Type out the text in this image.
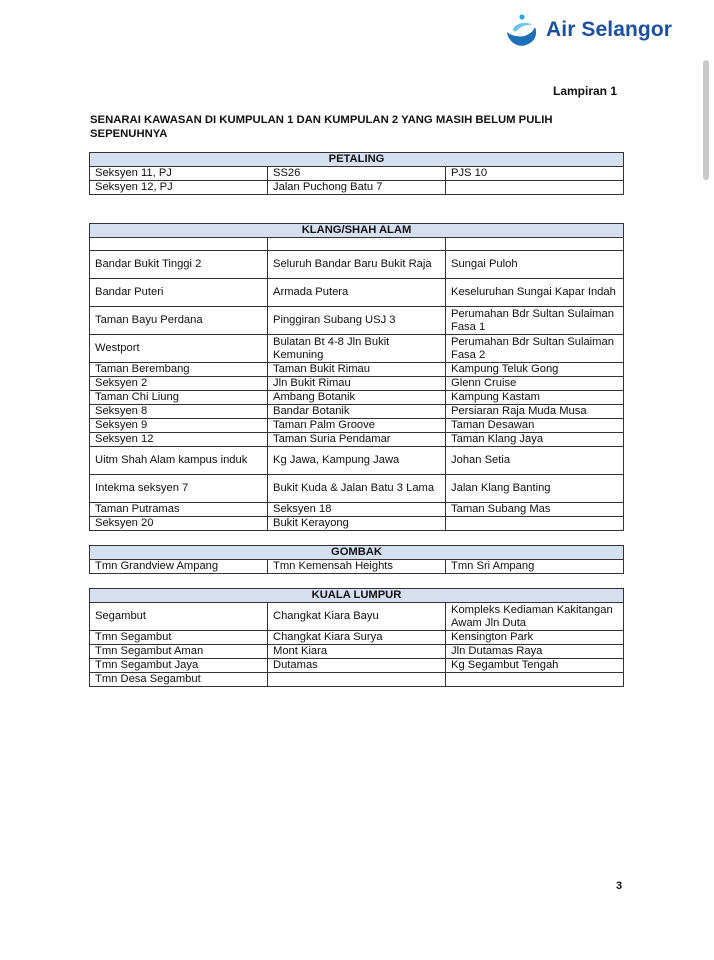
Air Selangor
Lampiran 1
SENARAI KAWASAN DI KUMPULAN 1 DAN KUMPULAN 2 YANG MASIH BELUM PULIH SEPENUHNYA
PETALING		
Seksyen 11, PJ	SS26	PJS 10
Seksyen 12, PJ	Jalan Puchong Batu 7	
KLANG/SHAH ALAM		

Bandar Bukit Tinggi 2	Seluruh Bandar Baru Bukit Raja	Sungai Puloh
Bandar Puteri	Armada Putera	Keseluruhan Sungai Kapar Indah
Taman Bayu Perdana	Pinggiran Subang USJ 3	Perumahan Bdr Sultan Sulaiman Fasa 1
Westport	Bulatan Bt 4-8 Jln Bukit Kemuning	Perumahan Bdr Sultan Sulaiman Fasa 2
Taman Berembang	Taman Bukit Rimau	Kampung Teluk Gong
Seksyen 2	Jln Bukit Rimau	Glenn Cruise
Taman Chi Liung	Ambang Botanik	Kampung Kastam
Seksyen 8	Bandar Botanik	Persiaran Raja Muda Musa
Seksyen 9	Taman Palm Groove	Taman Desawan
Seksyen 12	Taman Suria Pendamar	Taman Klang Jaya
Uitm Shah Alam kampus induk	Kg Jawa, Kampung Jawa	Johan Setia
Intekma seksyen 7	Bukit Kuda & Jalan Batu 3 Lama	Jalan Klang Banting
Taman Putramas	Seksyen 18	Taman Subang Mas
Seksyen 20	Bukit Kerayong	
GOMBAK
Tmn Grandview Ampang	Tmn Kemensah Heights	Tmn Sri Ampang
KUALA LUMPUR		
Segambut	Changkat Kiara Bayu	Kompleks Kediaman Kakitangan Awam Jln Duta
Tmn Segambut	Changkat Kiara Surya	Kensington Park
Tmn Segambut Aman	Mont Kiara	Jln Dutamas Raya
Tmn Segambut Jaya	Dutamas	Kg Segambut Tengah
Tmn Desa Segambut		
3
